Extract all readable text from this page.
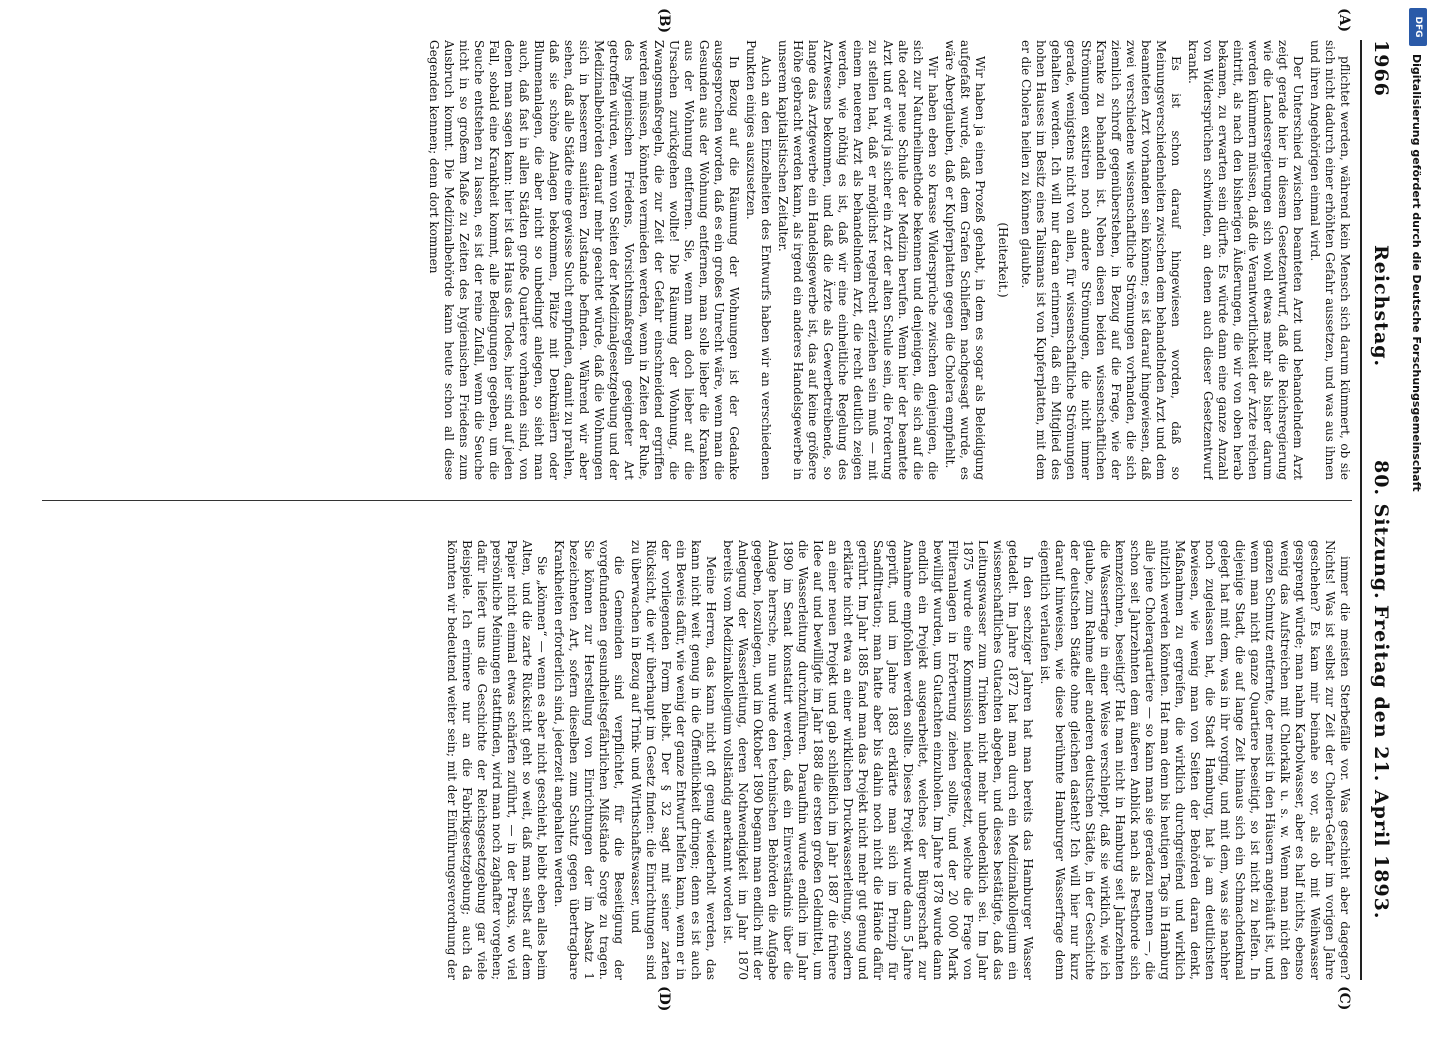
1966
Reichstag.
80. Sitzung.
Freitag den 21. April 1893.
(A)
(B)
(C)
(D)

pflichtet werden, während kein Mensch sich darum kümmert, ob sie sich nicht dadurch einer erhöhten Gefahr aussetzen, und was aus ihnen und ihren Angehörigen einmal wird.

Der Unterschied zwischen beamteten Arzt und behandelndem Arzt zeigt gerade hier in diesem Gesetzentwurf, daß die Reichsregierung wie die Landesregierungen sich wohl etwas mehr als bisher darum werden kümmern müssen, daß die Verantwortlichkeit der Ärzte reichen eintritt, als nach den bisherigen Äußerungen, die wir von oben herab bekamen, zu erwarten sein dürfte. Es würde dann eine ganze Anzahl von Widersprüchen schwinden, an denen auch dieser Gesetzentwurf krankt.

Es ist schon darauf hingewiesen worden, daß so Meinungsverschiedenheiten zwischen dem behandelnden Arzt und dem beamteten Arzt vorhanden sein können; es ist darauf hingewiesen, daß zwei verschiedene wissenschaftliche Strömungen vorhanden, die sich ziemlich schroff gegenüberstehen, in Bezug auf die Frage, wie der Kranke zu behandeln ist. Neben diesen beiden wissenschaftlichen Strömungen existiren noch andere Strömungen, die nicht immer gerade, wenigstens nicht von allen, für wissenschaftliche Strömungen gehalten werden. Ich will nur daran erinnern, daß ein Mitglied des hohen Hauses im Besitz eines Talismans ist von Kupferplatten, mit dem er die Cholera heilen zu können glaubte.

(Heiterkeit.)

Wir haben ja einen Prozeß gehabt, in dem es sogar als Beleidigung aufgefaßt wurde, daß dem Grafen Schlieffen nachgesagt wurde, es wäre Aberglauben, daß er Kupferplatten gegen die Cholera empfiehlt.

Wir haben eben so krasse Widersprüche zwischen denjenigen, die sich zur Naturheilmethode bekennen und denjenigen, die sich auf die alte oder neue Schule der Medizin berufen. Wenn hier der beamtete Arzt und er wird ja sicher ein Arzt der alten Schule sein, die Forderung zu stellen hat, daß er möglichst regelrecht erziehen sein muß — mit einem neueren Arzt als behandelndem Arzt, die recht deutlich zeigen werden, wie nöthig es ist, daß wir eine einheitliche Regelung des Arztwesens bekommen, und daß die Ärzte als Gewerbetreibende, so lange das Arztgewerbe ein Handelsgewerbe ist, das auf keine größere Höhe gebracht werden kann, als irgend ein anderes Handelsgewerbe in unserem kapitalistischen Zeitalter.

Auch an den Einzelheiten des Entwurfs haben wir an verschiedenen Punkten einiges auszusetzen.

In Bezug auf die Räumung der Wohnungen ist der Gedanke ausgesprochen worden, daß es ein großes Unrecht wäre, wenn man die Gesunden aus der Wohnung entfernen, man solle lieber die Kranken aus der Wohnung entfernen. Sie, wenn man doch lieber auf die Ursachen zurückgehen wollte! Die Räumung der Wohnung, die Zwangsmaßregeln, die zur Zeit der Gefahr einschneidend ergriffen werden müssen, könnten vermieden werden, wenn in Zeiten der Ruhe, des hygienischen Friedens, Vorsichtsmaßregeln geeigneter Art getroffen würden, wenn von Seiten der Medizinalgesetzgebung und der Medizinalbehörden darauf mehr geachtet würde, daß die Wohnungen sich in besserem sanitären Zustande befinden. Während wir aber sehen, daß alle Städte eine gewisse Sucht empfinden, damit zu prahlen, daß sie schöne Anlagen bekommen, Plätze mit Denkmälern oder Blumenanlagen, die aber nicht so unbedingt anlegen, so sieht man auch, daß fast in allen Städten große Quartiere vorhanden sind, von denen man sagen kann: hier ist das Haus des Todes, hier sind auf jeden Fall, sobald eine Krankheit kommt, alle Bedingungen gegeben, um die Seuche entstehen zu lassen, es ist der reine Zufall, wenn die Seuche nicht in so großem Maße zu Zeiten des hygienischen Friedens zum Ausbruch kommt. Die Medizinalbehörde kann heute schon all diese Gegenden kennen; denn dort kommen

immer die meisten Sterbefälle vor. Was geschieht aber dagegen? Nichts! Was ist selbst zur Zeit der Cholera-Gefahr im vorigen Jahre geschehen? Es kam mir beinahe so vor, als ob mit Weihwasser gesprengt würde; man nahm Karbolwasser, aber es half nichts, ebenso wenig das Aufstreichen mit Chlorkalk u. s. w. Wenn man nicht den ganzen Schmutz entfernte, der meist in den Häusern angehäuft ist, und wenn man nicht ganze Quartiere beseitigt, so ist nicht zu helfen. In diejenige Stadt, die auf lange Zeit hinaus sich ein Schmachdenkmal gelegt hat mit dem, was in ihr vorging, und mit dem, was sie nachher noch zugelassen hat, die Stadt Hamburg, hat ja am deutlichsten bewiesen, wie wenig man von Seiten der Behörden daran denkt, Maßnahmen zu ergreifen, die wirklich durchgreifend und wirklich nützlich werden könnten. Hat man denn bis heutigen Tags in Hamburg alle jene Choleraquartiere — so kann man sie geradezu nennen —, die schon seit Jahrzehnten dem äußeren Anblick nach als Pesthorde sich kennzeichnen, beseitigt? Hat man nicht in Hamburg seit Jahrzehnten die Wasserfrage in einer Weise verschleppt, daß sie wirklich, wie ich glaube, zum Rahme aller anderen deutschen Städte, in der Geschichte der deutschen Städte ohne gleichen dasteht? Ich will hier nur kurz darauf hinweisen, wie diese berühmte Hamburger Wasserfrage denn eigentlich verlaufen ist.

In den sechziger Jahren hat man bereits das Hamburger Wasser getadelt. Im Jahre 1872 hat man durch ein Medizinalkollegium ein wissenschaftliches Gutachten abgeben, und dieses bestätigte, daß das Leitungswasser zum Trinken nicht mehr unbedenklich sei. Im Jahr 1875 wurde eine Kommission niedergesetzt, welche die Frage von Filteranlagen in Erörterung ziehen sollte, und der 20 000 Mark bewilligt wurden, um Gutachten einzuholen. Im Jahre 1878 wurde dann endlich ein Projekt ausgearbeitet, welches der Bürgerschaft zur Annahme empfohlen werden sollte. Dieses Projekt wurde dann 5 Jahre geprüft, und im Jahre 1883 erklärte man sich im Prinzip für Sandfiltration; man hatte aber bis dahin noch nicht die Hände dafür gerührt. Im Jahr 1885 fand man das Projekt nicht mehr gut genug und erklärte nicht etwa an einer wirklichen Druckwasserleitung, sondern an einer neuen Projekt und gab schließlich im Jahr 1887 die frühere Idee auf und bewilligte im Jahr 1888 die ersten großen Geldmittel, um die Wasserleitung durchzuführen. Daraufhin wurde endlich im Jahr 1890 im Senat konstatirt werden, daß ein Einverständnis über die Anlage herrsche, nun wurde den technischen Behörden die Aufgabe gegeben, loszulegen, und im Oktober 1890 begann man endlich mit der Anlegung der Wasserleitung, deren Nothwendigkeit im Jahr 1870 bereits vom Medizinalkollegium vollständig anerkannt worden ist.

Meine Herren, das kann nicht oft genug wiederholt werden, das kann nicht weit genug in die Öffentlichkeit dringen; denn es ist auch ein Beweis dafür, wie wenig der ganze Entwurf helfen kann, wenn er in der vorliegenden Form bleibt. Der § 32 sagt mit seiner zarten Rücksicht, die wir überhaupt im Gesetz finden: die Einrichtungen sind zu überwachen in Bezug auf Trink- und Wirthschaftswasser, und

die Gemeinden sind verpflichtet, für die Beseitigung der vorgefundenen gesundheitsgefährlichen Mißstände Sorge zu tragen. Sie können zur Herstellung von Einrichtungen der im Absatz 1 bezeichneten Art, sofern dieselben zum Schutz gegen übertragbare Krankheiten erforderlich sind, jederzeit angehalten werden.

Sie „können“ — wenn es aber nicht geschieht, bleibt eben alles beim Alten, und die zarte Rücksicht geht so weit, daß man selbst auf dem Papier nicht einmal etwas schärfen zuführt, — in der Praxis, wo viel persönliche Meinungen stattfinden, wird man noch zaghafter vorgehen; dafür liefert uns die Geschichte der Reichsgesetzgebung gar viele Beispiele. Ich erinnere nur an die Fabrikgesetzgebung; auch da könnten wir bedeutend weiter sein; mit der Einführungsverordnung der

DFG
Digitalisierung gefördert durch die Deutsche Forschungsgemeinschaft
